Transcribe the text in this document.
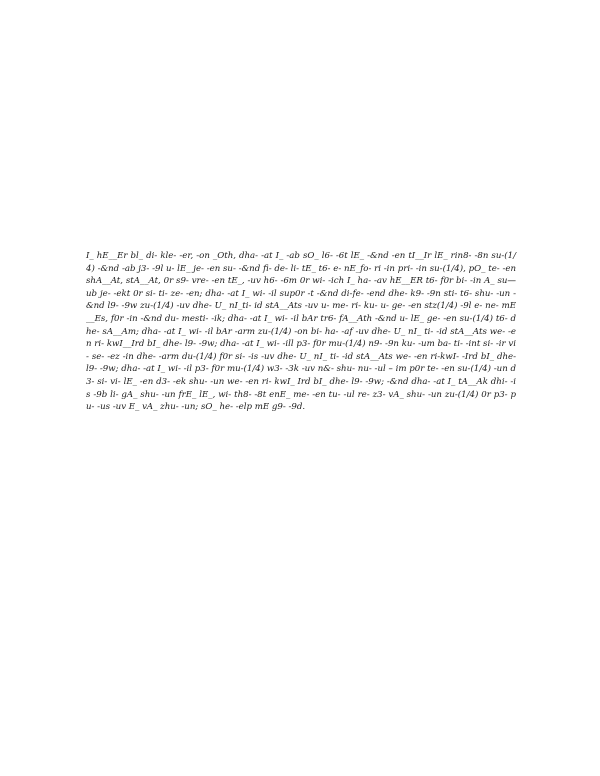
I_ hE__Er bl_ di- kle- -er, -on _Oth, dha- -at I_ -ab sO_ l6- -6t lE_ -&nd -en tI__Ir lE_ rin8- -8n su-(1/4) -&nd -ab j3- -9l u- lE_ je- -en su- -&nd fi- de- li- tE_ t6- e- nE_fo- ri -in pri- -in su-(1/4), pO_ te- -en shA__At, stA__At, 0r s9- vre- -en tE_, -uv h6- -6m 0r wi- -ich I_ ha- -av hE__ER t6- f0r bi- -in A_ su—ub je- -ekt 0r si- ti- ze- -en; dha- -at I_ wi- -il sup0r -t -&nd di-fe- -end dhe- k9- -9n sti- t6- shu- -un -&nd l9- -9w zu-(1/4) -uv dhe- U_ nI_ti- id stA__Ats -uv u- me- ri- ku- u- ge- -en stz(1/4) -9l e- ne- mE__Es, f0r -in -&nd du- mesti- -ik; dha- -at I_ wi- -il bAr tr6- fA__Ath -&nd u- lE_ ge- -en su-(1/4) t6- dhe- sA__Am; dha- -at I_ wi- -il bAr -arm zu-(1/4) -on bi- ha- -af -uv dhe- U_ nI_ ti- -id stA__Ats we- -en ri- kwI__Ird bI_ dhe- l9- -9w; dha- -at I_ wi- -ill p3- f0r mu-(1/4) n9- -9n ku- -um ba- ti- -int si- -ir vi- se- -ez -in dhe- -arm du-(1/4) f0r si- -is -uv dhe- U_ nI_ ti- -id stA__Ats we- -en ri-kwI- -Ird bI_ dhe- l9- -9w; dha- -at I_ wi- -il p3- f0r mu-(1/4) w3- -3k -uv n&- shu- nu- -ul – im p0r te- -en su-(1/4) -un d3- si- vi- lE_ -en d3- -ek shu- -un we- -en ri- kwI_ Ird bI_ dhe- l9- -9w; -&nd dha- -at I_ tA__Ak dhi- -is -9b li- gA_ shu- -un frE_ lE_, wi- th8- -8t enE_ me- -en tu- -ul re- z3- vA_ shu- -un zu-(1/4) 0r p3- pu- -us -uv E_ vA_ zhu- -un; sO_ he- -elp mE g9- -9d.
